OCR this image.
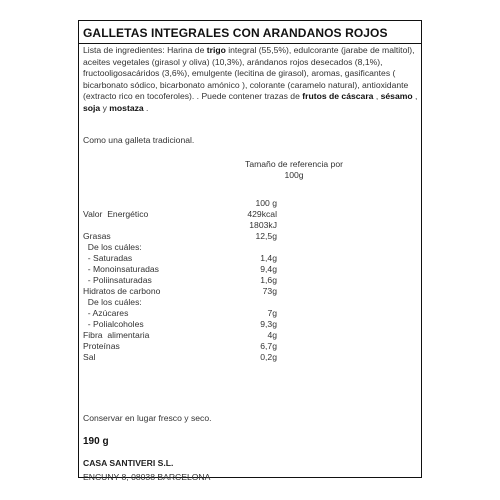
GALLETAS INTEGRALES CON ARANDANOS ROJOS
Lista de ingredientes: Harina de trigo integral (55,5%), edulcorante (jarabe de maltitol), aceites vegetales (girasol y oliva) (10,3%), arándanos rojos desecados (8,1%), fructooligosacáridos (3,6%), emulgente (lecitina de girasol), aromas, gasificantes ( bicarbonato sódico, bicarbonato amónico ), colorante (caramelo natural), antioxidante (extracto rico en tocoferoles). . Puede contener trazas de frutos de cáscara , sésamo , soja y mostaza .
Como una galleta tradicional.
Tamaño de referencia por
100g
100 g
Valor  Energético	429kcal
1803kJ
Grasas	12,5g
De los cuáles:
- Saturadas	1,4g
- Monoinsaturadas	9,4g
- Poliinsaturadas	1,6g
Hidratos de carbono	73g
De los cuáles:
- Azúcares	7g
- Polialcoholes	9,3g
Fibra  alimentaria	4g
Proteínas	6,7g
Sal	0,2g
Conservar en lugar fresco y seco.
190 g
CASA SANTIVERI S.L.
ENCUNY 8, 08038 BARCELONA
